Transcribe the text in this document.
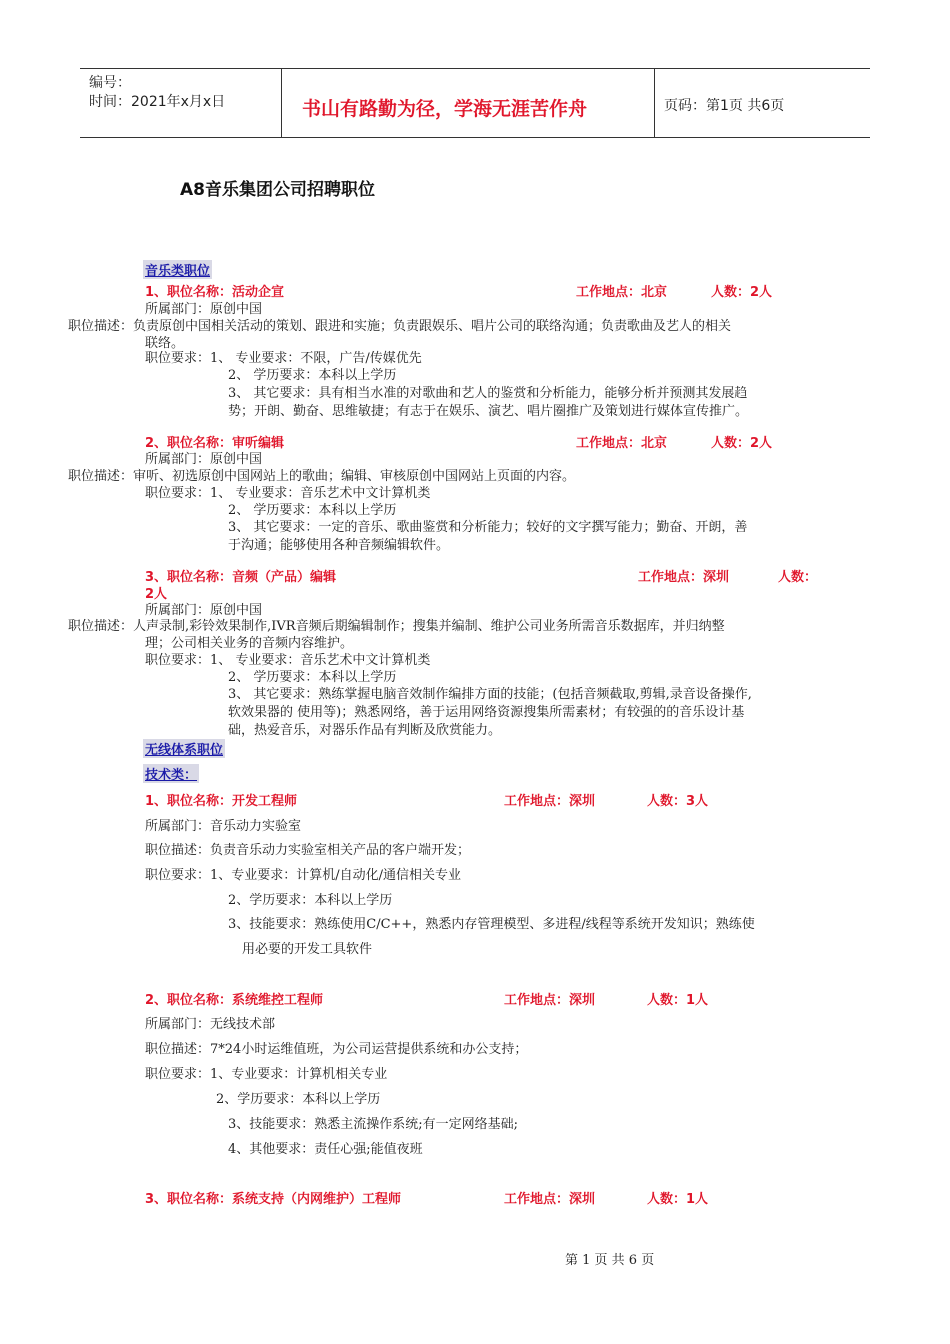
编号：
时间：2021年x月x日	书山有路勤为径，学海无涯苦作舟	页码：第1页 共6页
A8音乐集团公司招聘职位
音乐类职位
1、职位名称：活动企宣	工作地点：北京	人数：2人
所属部门：原创中国
职位描述：负责原创中国相关活动的策划、跟进和实施；负责跟娱乐、唱片公司的联络沟通；负责歌曲及艺人的相关
联络。
职位要求：1、 专业要求：不限，广告/传媒优先
2、 学历要求：本科以上学历
3、 其它要求：具有相当水准的对歌曲和艺人的鉴赏和分析能力，能够分析并预测其发展趋
势；开朗、勤奋、思维敏捷；有志于在娱乐、演艺、唱片圈推广及策划进行媒体宣传推广。
2、职位名称：审听编辑	工作地点：北京	人数：2人
所属部门：原创中国
职位描述：审听、初选原创中国网站上的歌曲；编辑、审核原创中国网站上页面的内容。
职位要求：1、 专业要求：音乐艺术中文计算机类
2、 学历要求：本科以上学历
3、 其它要求：一定的音乐、歌曲鉴赏和分析能力；较好的文字撰写能力；勤奋、开朗，善
于沟通；能够使用各种音频编辑软件。
3、职位名称：音频（产品）编辑	工作地点：深圳	人数：
2人
所属部门：原创中国
职位描述：人声录制,彩铃效果制作,IVR音频后期编辑制作；搜集并编制、维护公司业务所需音乐数据库，并归纳整
理；公司相关业务的音频内容维护。
职位要求：1、 专业要求：音乐艺术中文计算机类
2、 学历要求：本科以上学历
3、 其它要求：熟练掌握电脑音效制作编排方面的技能；(包括音频截取,剪辑,录音设备操作,
软效果器的 使用等)；熟悉网络，善于运用网络资源搜集所需素材；有较强的的音乐设计基
础，热爱音乐，对器乐作品有判断及欣赏能力。
无线体系职位
技术类：
1、职位名称：开发工程师	工作地点：深圳	人数：3人
所属部门：音乐动力实验室
职位描述：负责音乐动力实验室相关产品的客户端开发；
职位要求：1、专业要求：计算机/自动化/通信相关专业
2、学历要求：本科以上学历
3、技能要求：熟练使用C/C++，熟悉内存管理模型、多进程/线程等系统开发知识；熟练使
用必要的开发工具软件
2、职位名称：系统维控工程师	工作地点：深圳	人数：1人
所属部门：无线技术部
职位描述：7*24小时运维值班，为公司运营提供系统和办公支持；
职位要求：1、专业要求：计算机相关专业
2、学历要求：本科以上学历
3、技能要求：熟悉主流操作系统;有一定网络基础;
4、其他要求：责任心强;能值夜班
3、职位名称：系统支持（内网维护）工程师	工作地点：深圳	人数：1人
第 1 页 共 6 页
